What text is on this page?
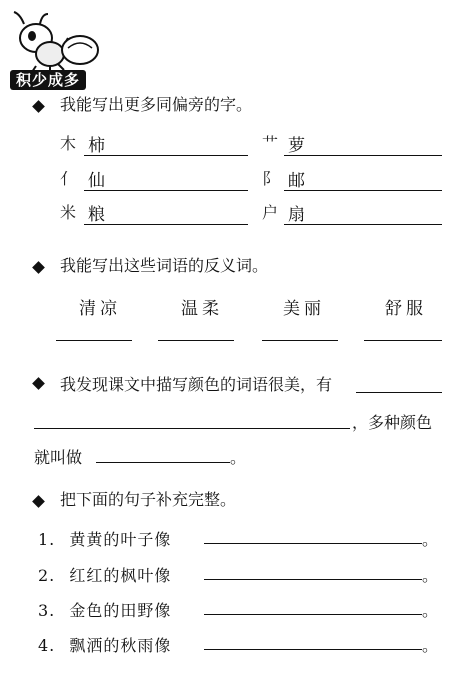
积少成多
我能写出更多同偏旁的字。
木 柿	艹 萝
亻 仙	阝 邮
米 粮	户 扇
我能写出这些词语的反义词。
清凉	温柔	美丽	舒服
我发现课文中描写颜色的词语很美，有
，多种颜色
就叫做	。
把下面的句子补充完整。
1. 黄黄的叶子像	。
2. 红红的枫叶像	。
3. 金色的田野像	。
4. 飘洒的秋雨像	。
